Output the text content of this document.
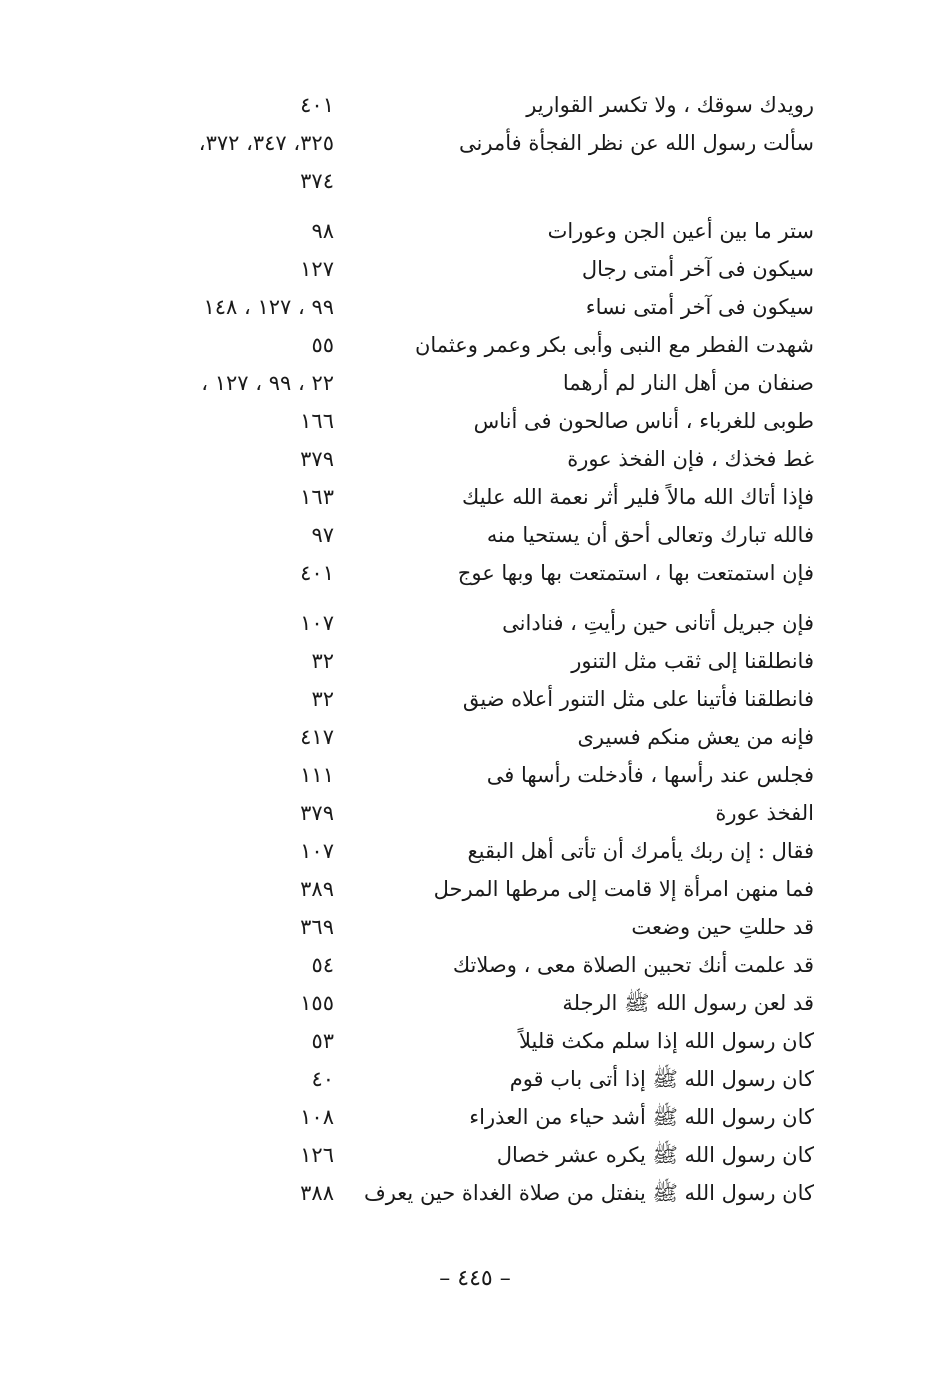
رويدك سوقك ، ولا تكسر القوارير
٤٠١
سألت رسول الله عن نظر الفجأة فأمرنى
٣٢٥، ٣٤٧، ٣٧٢،
٣٧٤
ستر ما بين أعين الجن وعورات
٩٨
سيكون فى آخر أمتى رجال
١٢٧
سيكون فى آخر أمتى نساء
٩٩ ، ١٢٧ ، ١٤٨
شهدت الفطر مع النبى وأبى بكر وعمر وعثمان
٥٥
صنفان من أهل النار لم أرهما
٢٢ ، ٩٩ ، ١٢٧ ،
طوبى للغرباء ، أناس صالحون فى أناس
١٦٦
غط فخذك ، فإن الفخذ عورة
٣٧٩
فإذا أتاك الله مالاً فلير أثر نعمة الله عليك
١٦٣
فالله تبارك وتعالى أحق أن يستحيا منه
٩٧
فإن استمتعت بها ، استمتعت بها وبها عوج
٤٠١
فإن جبريل أتانى حين رأيتِ ، فنادانى
١٠٧
فانطلقنا إلى ثقب مثل التنور
٣٢
فانطلقنا فأتينا على مثل التنور أعلاه ضيق
٣٢
فإنه من يعش منكم فسيرى
٤١٧
فجلس عند رأسها ، فأدخلت رأسها فى
١١١
الفخذ عورة
٣٧٩
فقال : إن ربك يأمرك أن تأتى أهل البقيع
١٠٧
فما منهن امرأة إلا قامت إلى مرطها المرحل
٣٨٩
قد حللتِ حين وضعت
٣٦٩
قد علمت أنك تحبين الصلاة معى ، وصلاتك
٥٤
قد لعن رسول الله ﷺ الرجلة
١٥٥
كان رسول الله إذا سلم مكث قليلاً
٥٣
كان رسول الله ﷺ إذا أتى باب قوم
٤٠
كان رسول الله ﷺ أشد حياء من العذراء
١٠٨
كان رسول الله ﷺ يكره عشر خصال
١٢٦
كان رسول الله ﷺ ينفتل من صلاة الغداة حين يعرف
٣٨٨
– ٤٤٥ –
